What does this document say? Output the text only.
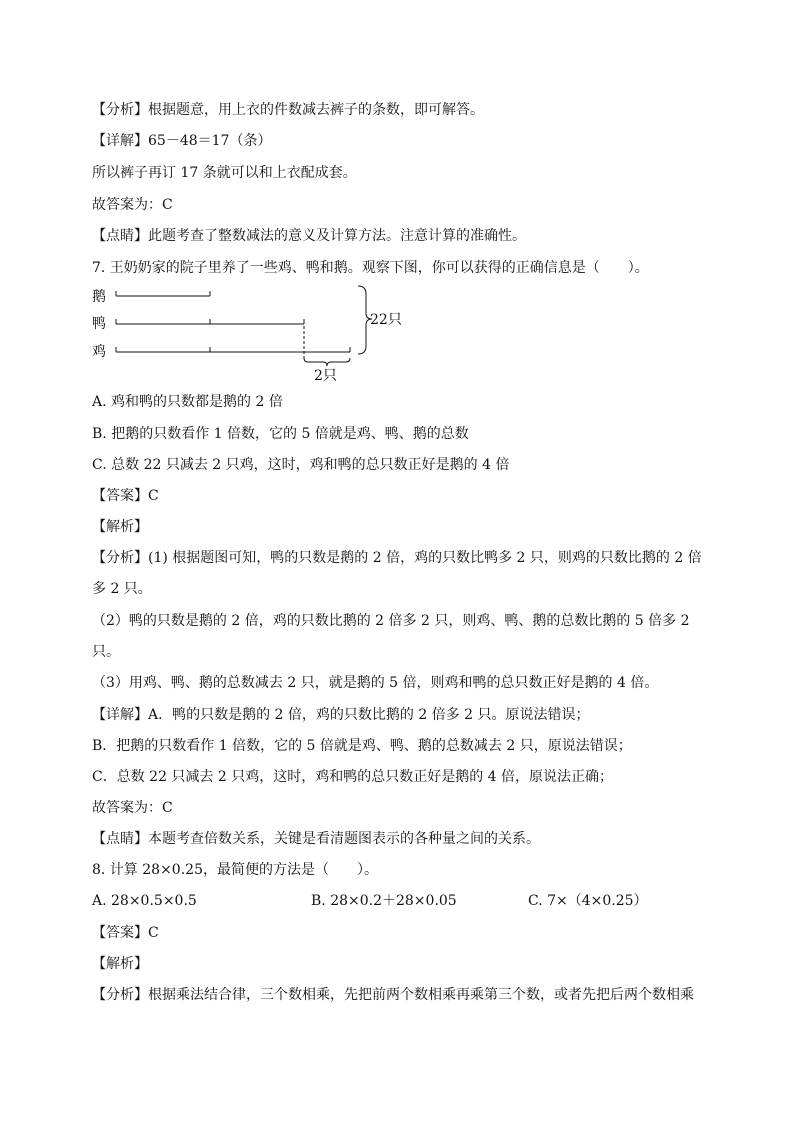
【分析】根据题意，用上衣的件数减去裤子的条数，即可解答。
【详解】65－48＝17（条）
所以裤子再订 17 条就可以和上衣配成套。
故答案为：C
【点睛】此题考查了整数减法的意义及计算方法。注意计算的准确性。
7. 王奶奶家的院子里养了一些鸡、鸭和鹅。观察下图，你可以获得的正确信息是（　　）。
鹅
鸭
鸡
2只
22只
A. 鸡和鸭的只数都是鹅的 2 倍
B. 把鹅的只数看作 1 倍数，它的 5 倍就是鸡、鸭、鹅的总数
C. 总数 22 只减去 2 只鸡，这时，鸡和鸭的总只数正好是鹅的 4 倍
【答案】C
【解析】
【分析】(1) 根据题图可知，鸭的只数是鹅的 2 倍，鸡的只数比鸭多 2 只，则鸡的只数比鹅的 2 倍
多 2 只。
（2）鸭的只数是鹅的 2 倍，鸡的只数比鹅的 2 倍多 2 只，则鸡、鸭、鹅的总数比鹅的 5 倍多 2
只。
（3）用鸡、鸭、鹅的总数减去 2 只，就是鹅的 5 倍，则鸡和鸭的总只数正好是鹅的 4 倍。
【详解】A．鸭的只数是鹅的 2 倍，鸡的只数比鹅的 2 倍多 2 只。原说法错误；
B．把鹅的只数看作 1 倍数，它的 5 倍就是鸡、鸭、鹅的总数减去 2 只，原说法错误；
C．总数 22 只减去 2 只鸡，这时，鸡和鸭的总只数正好是鹅的 4 倍，原说法正确；
故答案为：C
【点睛】本题考查倍数关系，关键是看清题图表示的各种量之间的关系。
8. 计算 28×0.25，最简便的方法是（　　）。
A. 28×0.5×0.5	B. 28×0.2＋28×0.05	C. 7×（4×0.25）
【答案】C
【解析】
【分析】根据乘法结合律，三个数相乘，先把前两个数相乘再乘第三个数，或者先把后两个数相乘
